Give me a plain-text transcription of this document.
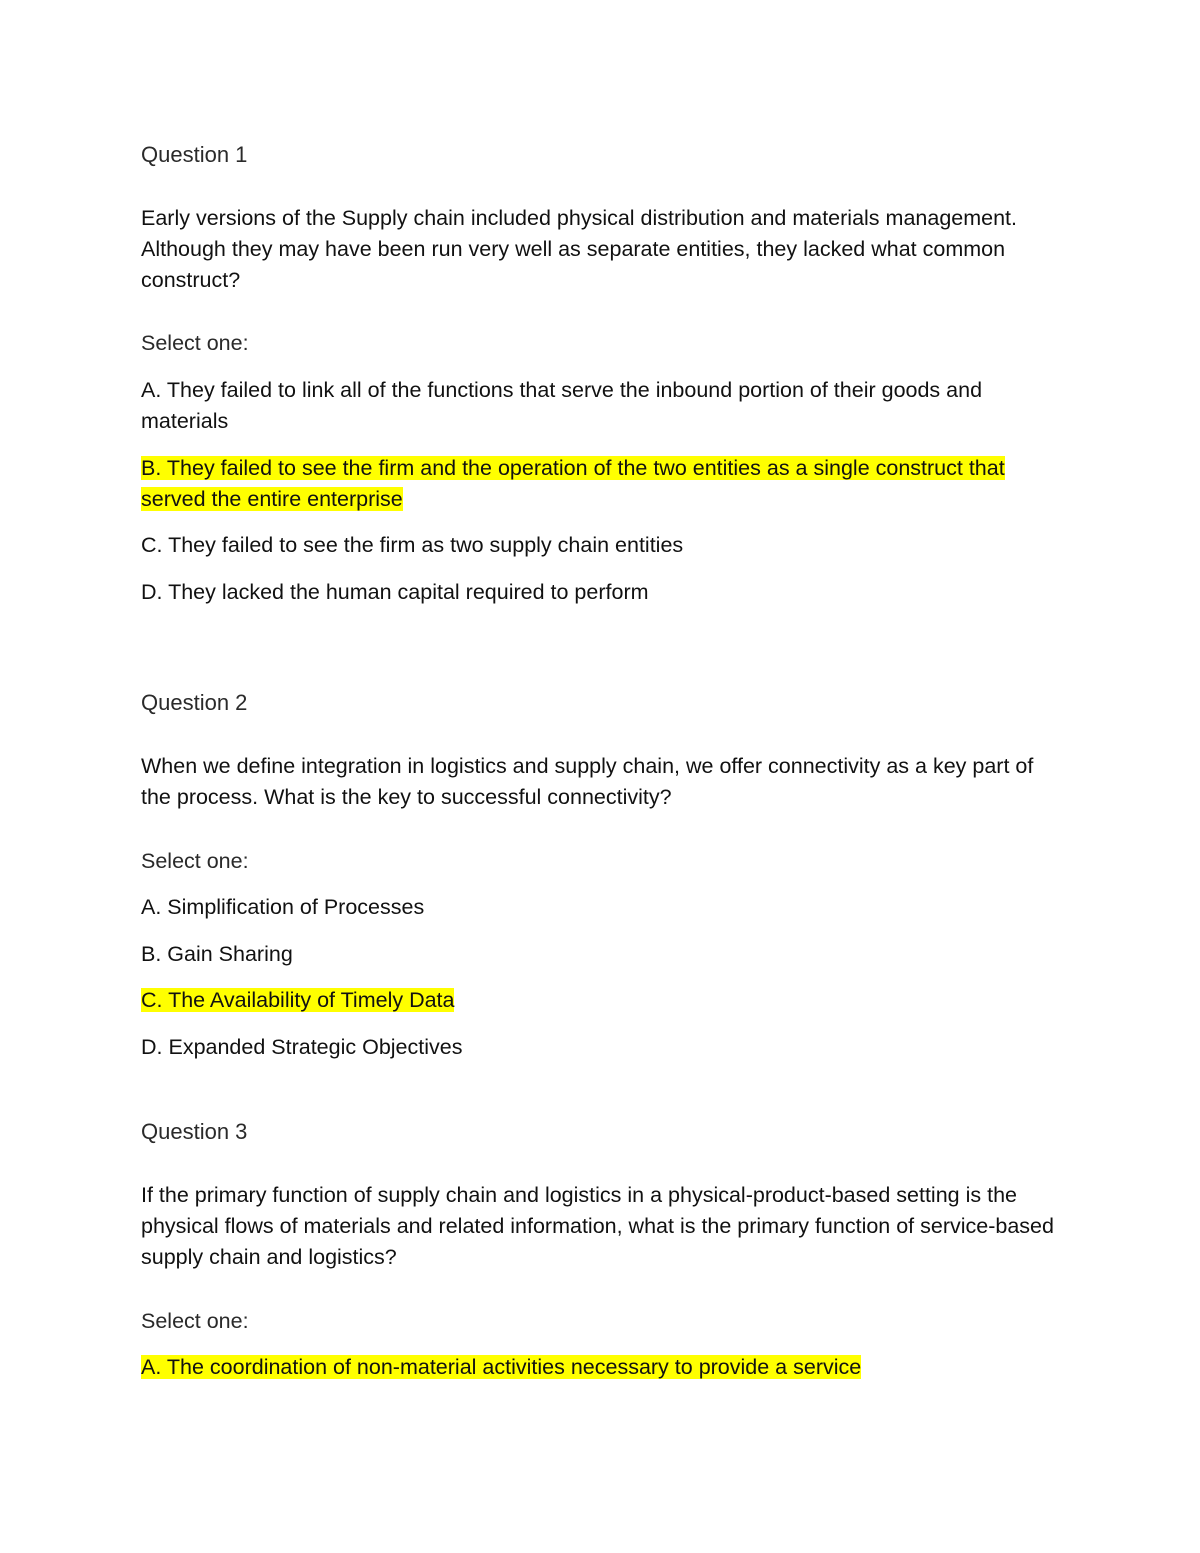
Question 1
Early versions of the Supply chain included physical distribution and materials management. Although they may have been run very well as separate entities, they lacked what common construct?
Select one:
A. They failed to link all of the functions that serve the inbound portion of their goods and materials
B. They failed to see the firm and the operation of the two entities as a single construct that served the entire enterprise
C. They failed to see the firm as two supply chain entities
D. They lacked the human capital required to perform
Question 2
When we define integration in logistics and supply chain, we offer connectivity as a key part of the process. What is the key to successful connectivity?
Select one:
A. Simplification of Processes
B. Gain Sharing
C. The Availability of Timely Data
D. Expanded Strategic Objectives
Question 3
If the primary function of supply chain and logistics in a physical-product-based setting is the physical flows of materials and related information, what is the primary function of service-based supply chain and logistics?
Select one:
A. The coordination of non-material activities necessary to provide a service
